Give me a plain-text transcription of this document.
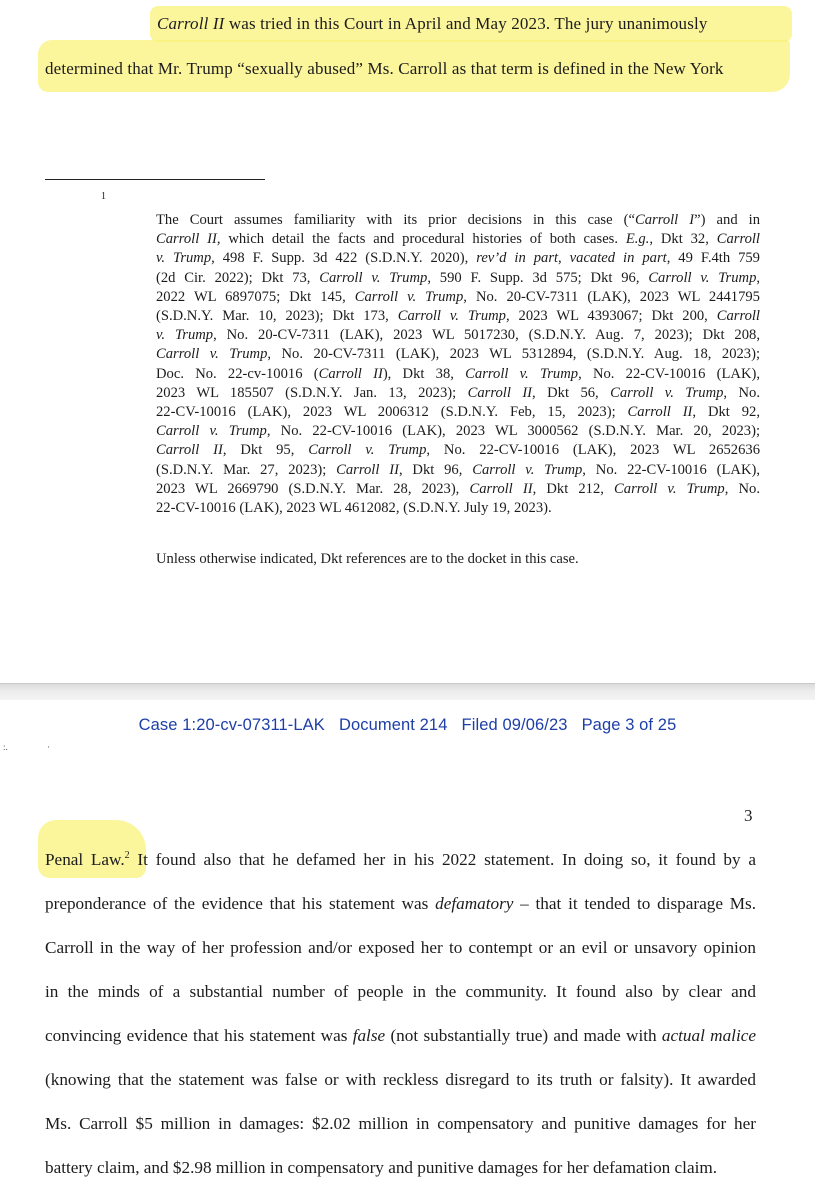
Carroll II was tried in this Court in April and May 2023. The jury unanimously
determined that Mr. Trump “sexually abused” Ms. Carroll as that term is defined in the New York
1
The Court assumes familiarity with its prior decisions in this case (“Carroll I”) and in
Carroll II, which detail the facts and procedural histories of both cases. E.g., Dkt 32, Carroll
v. Trump, 498 F. Supp. 3d 422 (S.D.N.Y. 2020), rev’d in part, vacated in part, 49 F.4th 759
(2d Cir. 2022); Dkt 73, Carroll v. Trump, 590 F. Supp. 3d 575; Dkt 96, Carroll v. Trump,
2022 WL 6897075; Dkt 145, Carroll v. Trump, No. 20-CV-7311 (LAK), 2023 WL 2441795
(S.D.N.Y. Mar. 10, 2023); Dkt 173, Carroll v. Trump, 2023 WL 4393067; Dkt 200, Carroll
v. Trump, No. 20-CV-7311 (LAK), 2023 WL 5017230, (S.D.N.Y. Aug. 7, 2023); Dkt 208,
Carroll v. Trump, No. 20-CV-7311 (LAK), 2023 WL 5312894, (S.D.N.Y. Aug. 18, 2023);
Doc. No. 22-cv-10016 (Carroll II), Dkt 38, Carroll v. Trump, No. 22-CV-10016 (LAK),
2023 WL 185507 (S.D.N.Y. Jan. 13, 2023); Carroll II, Dkt 56, Carroll v. Trump, No.
22-CV-10016 (LAK), 2023 WL 2006312 (S.D.N.Y. Feb, 15, 2023); Carroll II, Dkt 92,
Carroll v. Trump, No. 22-CV-10016 (LAK), 2023 WL 3000562 (S.D.N.Y. Mar. 20, 2023);
Carroll II, Dkt 95, Carroll v. Trump, No. 22-CV-10016 (LAK), 2023 WL 2652636
(S.D.N.Y. Mar. 27, 2023); Carroll II, Dkt 96, Carroll v. Trump, No. 22-CV-10016 (LAK),
2023 WL 2669790 (S.D.N.Y. Mar. 28, 2023), Carroll II, Dkt 212, Carroll v. Trump, No.
22-CV-10016 (LAK), 2023 WL 4612082, (S.D.N.Y. July 19, 2023).
Unless otherwise indicated, Dkt references are to the docket in this case.
:.	·
Case 1:20-cv-07311-LAK Document 214 Filed 09/06/23 Page 3 of 25
3
Penal Law.$^2$ It found also that he defamed her in his 2022 statement. In doing so, it found by a
preponderance of the evidence that his statement was defamatory – that it tended to disparage Ms.
Carroll in the way of her profession and/or exposed her to contempt or an evil or unsavory opinion
in the minds of a substantial number of people in the community. It found also by clear and
convincing evidence that his statement was false (not substantially true) and made with actual malice
(knowing that the statement was false or with reckless disregard to its truth or falsity). It awarded
Ms. Carroll $5 million in damages: $2.02 million in compensatory and punitive damages for her
battery claim, and $2.98 million in compensatory and punitive damages for her defamation claim.
